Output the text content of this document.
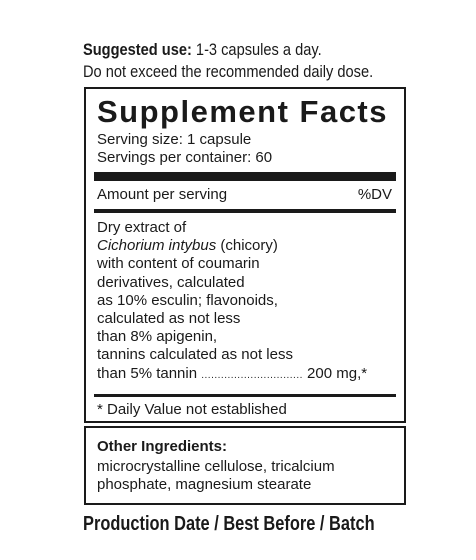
Suggested use: 1-3 capsules a day.
Do not exceed the recommended daily dose.
Supplement Facts
Serving size: 1 capsule
Servings per container: 60
Amount per serving	%DV
Dry extract of
Cichorium intybus (chicory)
with content of coumarin
derivatives, calculated
as 10% esculin; flavonoids,
calculated as not less
than 8% apigenin,
tannins calculated as not less
than 5% tannin ............................... 200 mg,*
* Daily Value not established
Other Ingredients:
microcrystalline cellulose, tricalcium
phosphate, magnesium stearate
Production Date / Best Before / Batch
